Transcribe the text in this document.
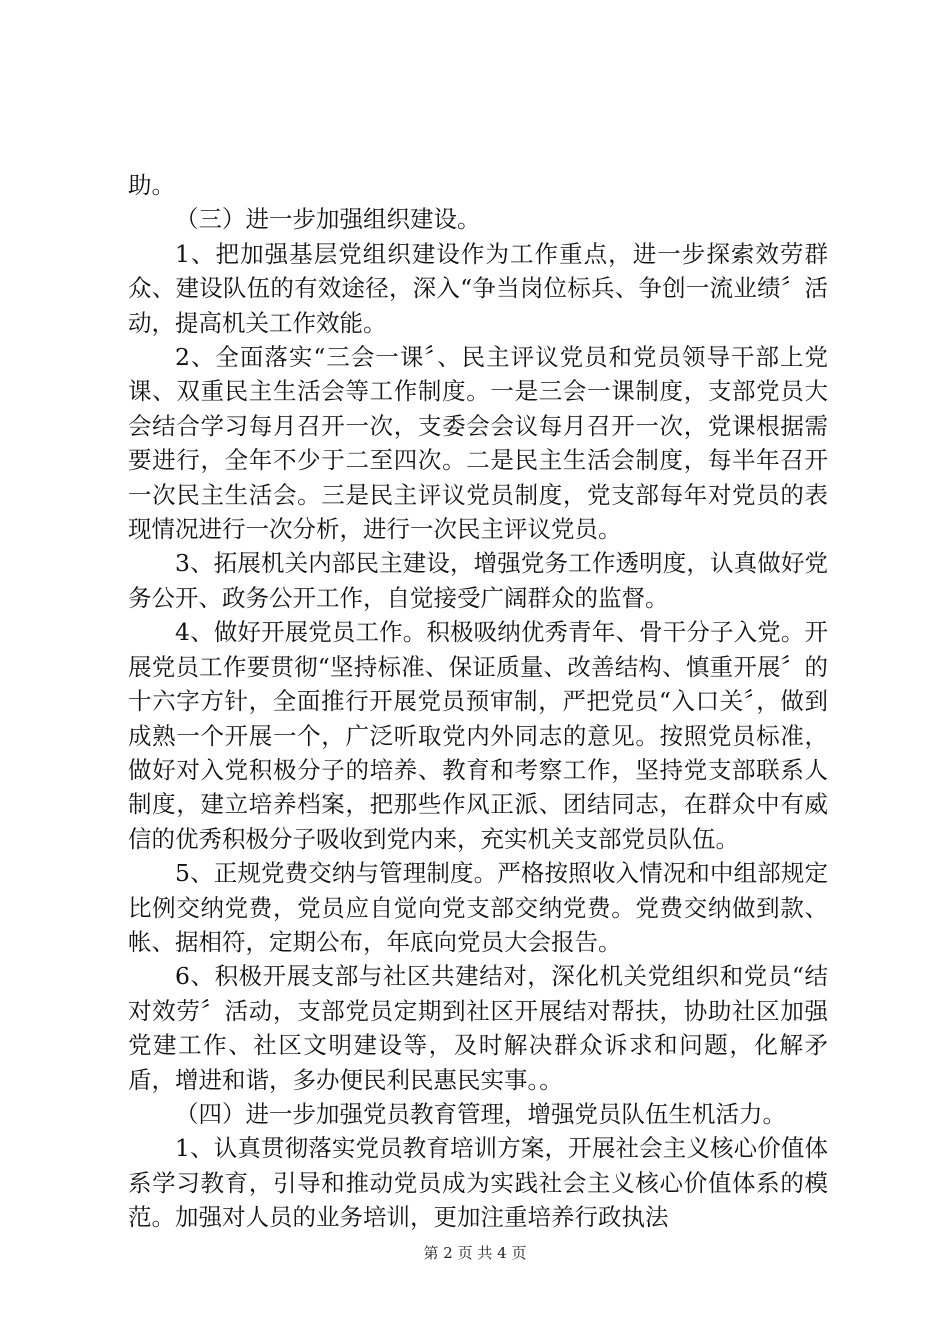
助。

（三）进一步加强组织建设。

1、把加强基层党组织建设作为工作重点，进一步探索效劳群众、建设队伍的有效途径，深入“争当岗位标兵、争创一流业绩〞活动，提高机关工作效能。

2、全面落实“三会一课〞、民主评议党员和党员领导干部上党课、双重民主生活会等工作制度。一是三会一课制度，支部党员大会结合学习每月召开一次，支委会会议每月召开一次，党课根据需要进行，全年不少于二至四次。二是民主生活会制度，每半年召开一次民主生活会。三是民主评议党员制度，党支部每年对党员的表现情况进行一次分析，进行一次民主评议党员。

3、拓展机关内部民主建设，增强党务工作透明度，认真做好党务公开、政务公开工作，自觉接受广阔群众的监督。

4、做好开展党员工作。积极吸纳优秀青年、骨干分子入党。开展党员工作要贯彻“坚持标准、保证质量、改善结构、慎重开展〞的十六字方针，全面推行开展党员预审制，严把党员“入口关〞，做到成熟一个开展一个，广泛听取党内外同志的意见。按照党员标准，做好对入党积极分子的培养、教育和考察工作，坚持党支部联系人制度，建立培养档案，把那些作风正派、团结同志，在群众中有威信的优秀积极分子吸收到党内来，充实机关支部党员队伍。

5、正规党费交纳与管理制度。严格按照收入情况和中组部规定比例交纳党费，党员应自觉向党支部交纳党费。党费交纳做到款、帐、据相符，定期公布，年底向党员大会报告。

6、积极开展支部与社区共建结对，深化机关党组织和党员“结对效劳〞活动，支部党员定期到社区开展结对帮扶，协助社区加强党建工作、社区文明建设等，及时解决群众诉求和问题，化解矛盾，增进和谐，多办便民利民惠民实事。。

（四）进一步加强党员教育管理，增强党员队伍生机活力。

1、认真贯彻落实党员教育培训方案，开展社会主义核心价值体系学习教育，引导和推动党员成为实践社会主义核心价值体系的模范。加强对人员的业务培训，更加注重培养行政执法

第 2 页 共 4 页
